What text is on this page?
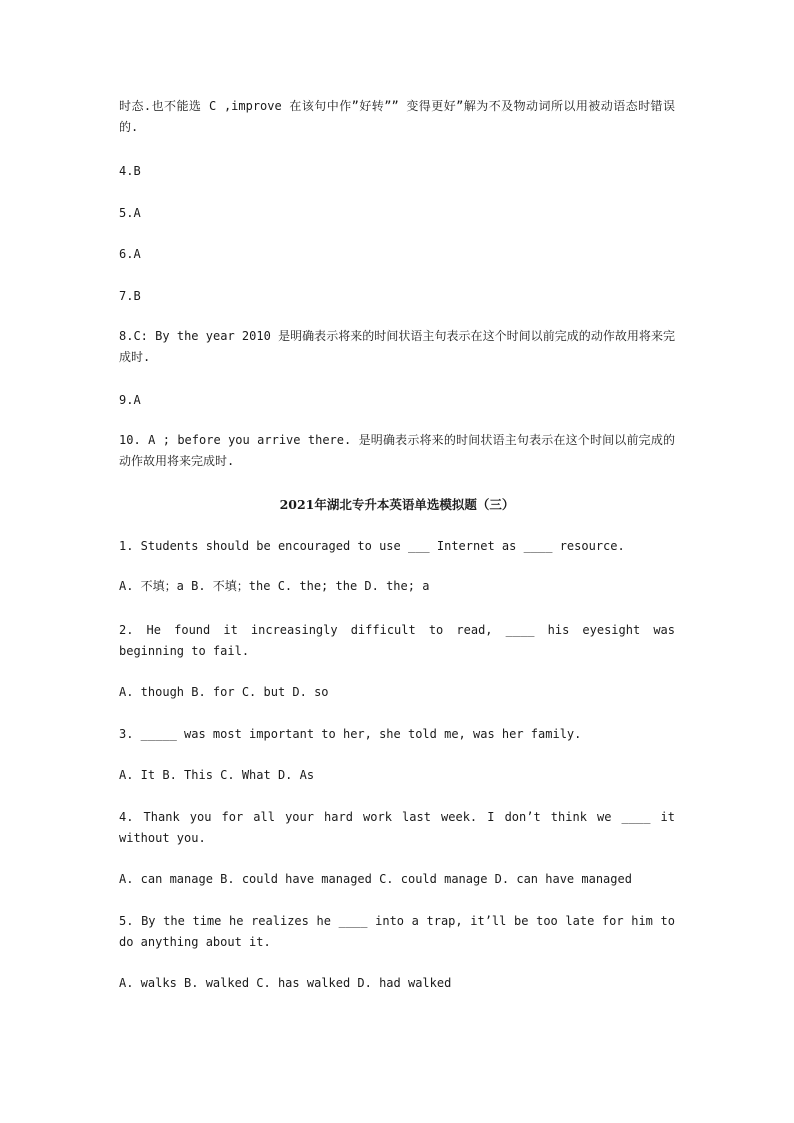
时态.也不能选 C ,improve 在该句中作”好转”” 变得更好”解为不及物动词所以用被动语态时错误的.

4.B

5.A

6.A

7.B

8.C: By the year 2010 是明确表示将来的时间状语主句表示在这个时间以前完成的动作故用将来完成时.

9.A

10. A ; before you arrive there. 是明确表示将来的时间状语主句表示在这个时间以前完成的动作故用将来完成时.

2021年湖北专升本英语单选模拟题（三）

1. Students should be encouraged to use ___ Internet as ____ resource.

A. 不填；a B. 不填；the C. the; the D. the; a

2. He found it increasingly difficult to read, ____ his eyesight was beginning to fail.

A. though B. for C. but D. so

3. _____ was most important to her, she told me, was her family.

A. It B. This C. What D. As

4. Thank you for all your hard work last week. I don’t think we ____ it without you.

A. can manage B. could have managed C. could manage D. can have managed

5. By the time he realizes he ____ into a trap, it’ll be too late for him to do anything about it.

A. walks B. walked C. has walked D. had walked
